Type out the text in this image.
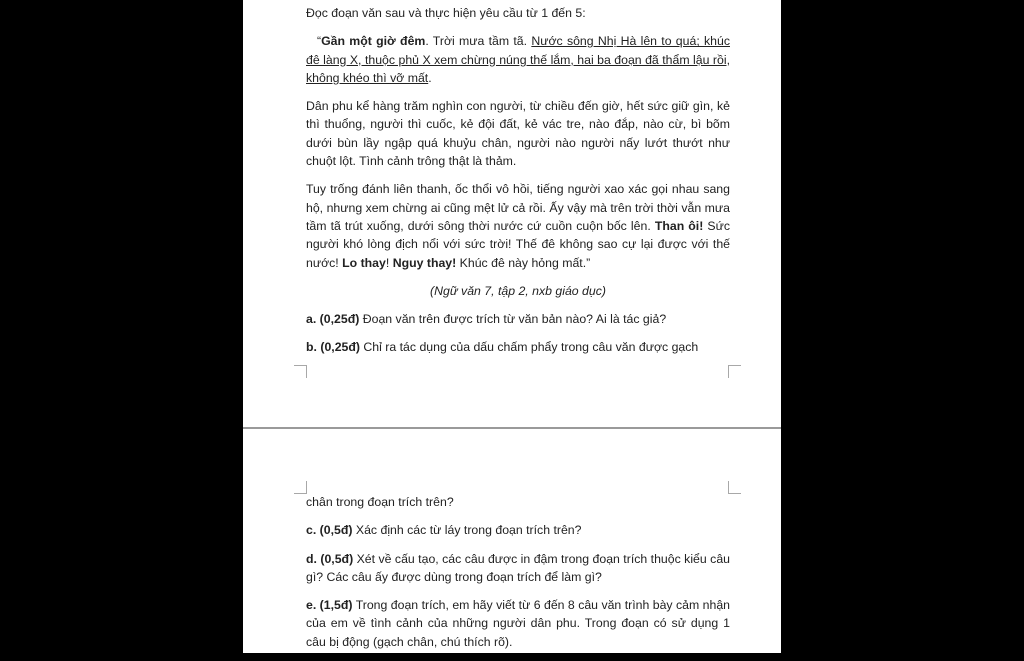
Đọc đoạn văn sau và thực hiện yêu cầu từ 1 đến 5:

“Gần một giờ đêm. Trời mưa tầm tã. Nước sông Nhị Hà lên to quá; khúc đê làng X, thuộc phủ X xem chừng núng thế lắm, hai ba đoạn đã thẩm lậu rồi, không khéo thì vỡ mất.

Dân phu kể hàng trăm nghìn con người, từ chiều đến giờ, hết sức giữ gìn, kẻ thì thuổng, người thì cuốc, kẻ đội đất, kẻ vác tre, nào đắp, nào cừ, bì bõm dưới bùn lầy ngập quá khuỷu chân, người nào người nấy lướt thướt như chuột lột. Tình cảnh trông thật là thảm.

Tuy trống đánh liên thanh, ốc thổi vô hồi, tiếng người xao xác gọi nhau sang hộ, nhưng xem chừng ai cũng mệt lử cả rồi. Ấy vậy mà trên trời thời vẫn mưa tầm tã trút xuống, dưới sông thời nước cứ cuồn cuộn bốc lên. Than ôi! Sức người khó lòng địch nổi với sức trời! Thế đê không sao cự lại được với thế nước! Lo thay! Nguy thay! Khúc đê này hỏng mất.”

(Ngữ văn 7, tập 2, nxb giáo dục)

a. (0,25đ) Đoạn văn trên được trích từ văn bản nào? Ai là tác giả?

b. (0,25đ) Chỉ ra tác dụng của dấu chấm phẩy trong câu văn được gạch

chân trong đoạn trích trên?

c. (0,5đ) Xác định các từ láy trong đoạn trích trên?

d. (0,5đ) Xét về cấu tạo, các câu được in đậm trong đoạn trích thuộc kiểu câu gì? Các câu ấy được dùng trong đoạn trích để làm gì?

e. (1,5đ) Trong đoạn trích, em hãy viết từ 6 đến 8 câu văn trình bày cảm nhận của em về tình cảnh của những người dân phu. Trong đoạn có sử dụng 1 câu bị động (gạch chân, chú thích rõ).
